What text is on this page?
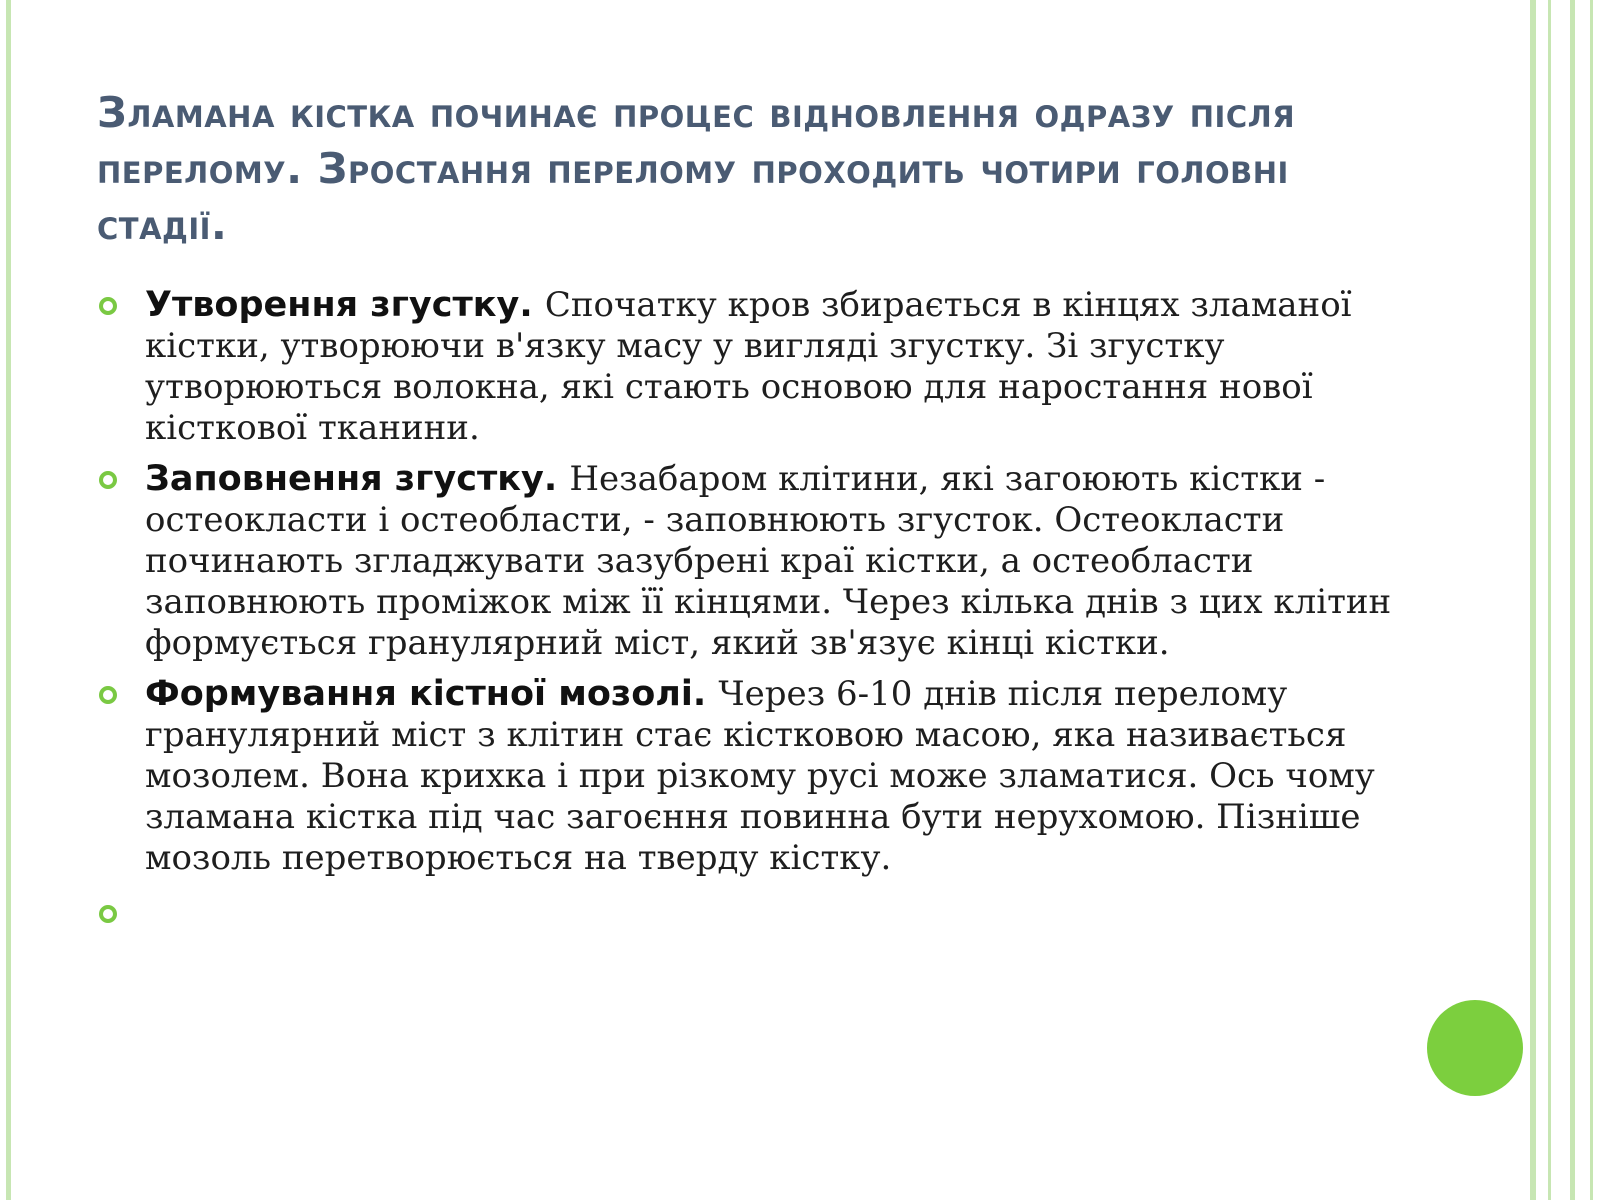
Зламана кістка починає процес відновлення одразу після перелому. Зростання перелому проходить чотири головні стадії.
Утворення згустку. Спочатку кров збирається в кінцях зламаної кістки, утворюючи в'язку масу у вигляді згустку. Зі згустку утворюються волокна, які стають основою для наростання нової кісткової тканини.
Заповнення згустку. Незабаром клітини, які загоюють кістки - остеокласти і остеобласти, - заповнюють згусток. Остеокласти починають згладжувати зазубрені краї кістки, а остеобласти заповнюють проміжок між її кінцями. Через кілька днів з цих клітин формується гранулярний міст, який зв'язує кінці кістки.
Формування кістної мозолі. Через 6-10 днів після перелому гранулярний міст з клітин стає кістковою масою, яка називається мозолем. Вона крихка і при різкому русі може зламатися. Ось чому зламана кістка під час загоєння повинна бути нерухомою. Пізніше мозоль перетворюється на тверду кістку.
